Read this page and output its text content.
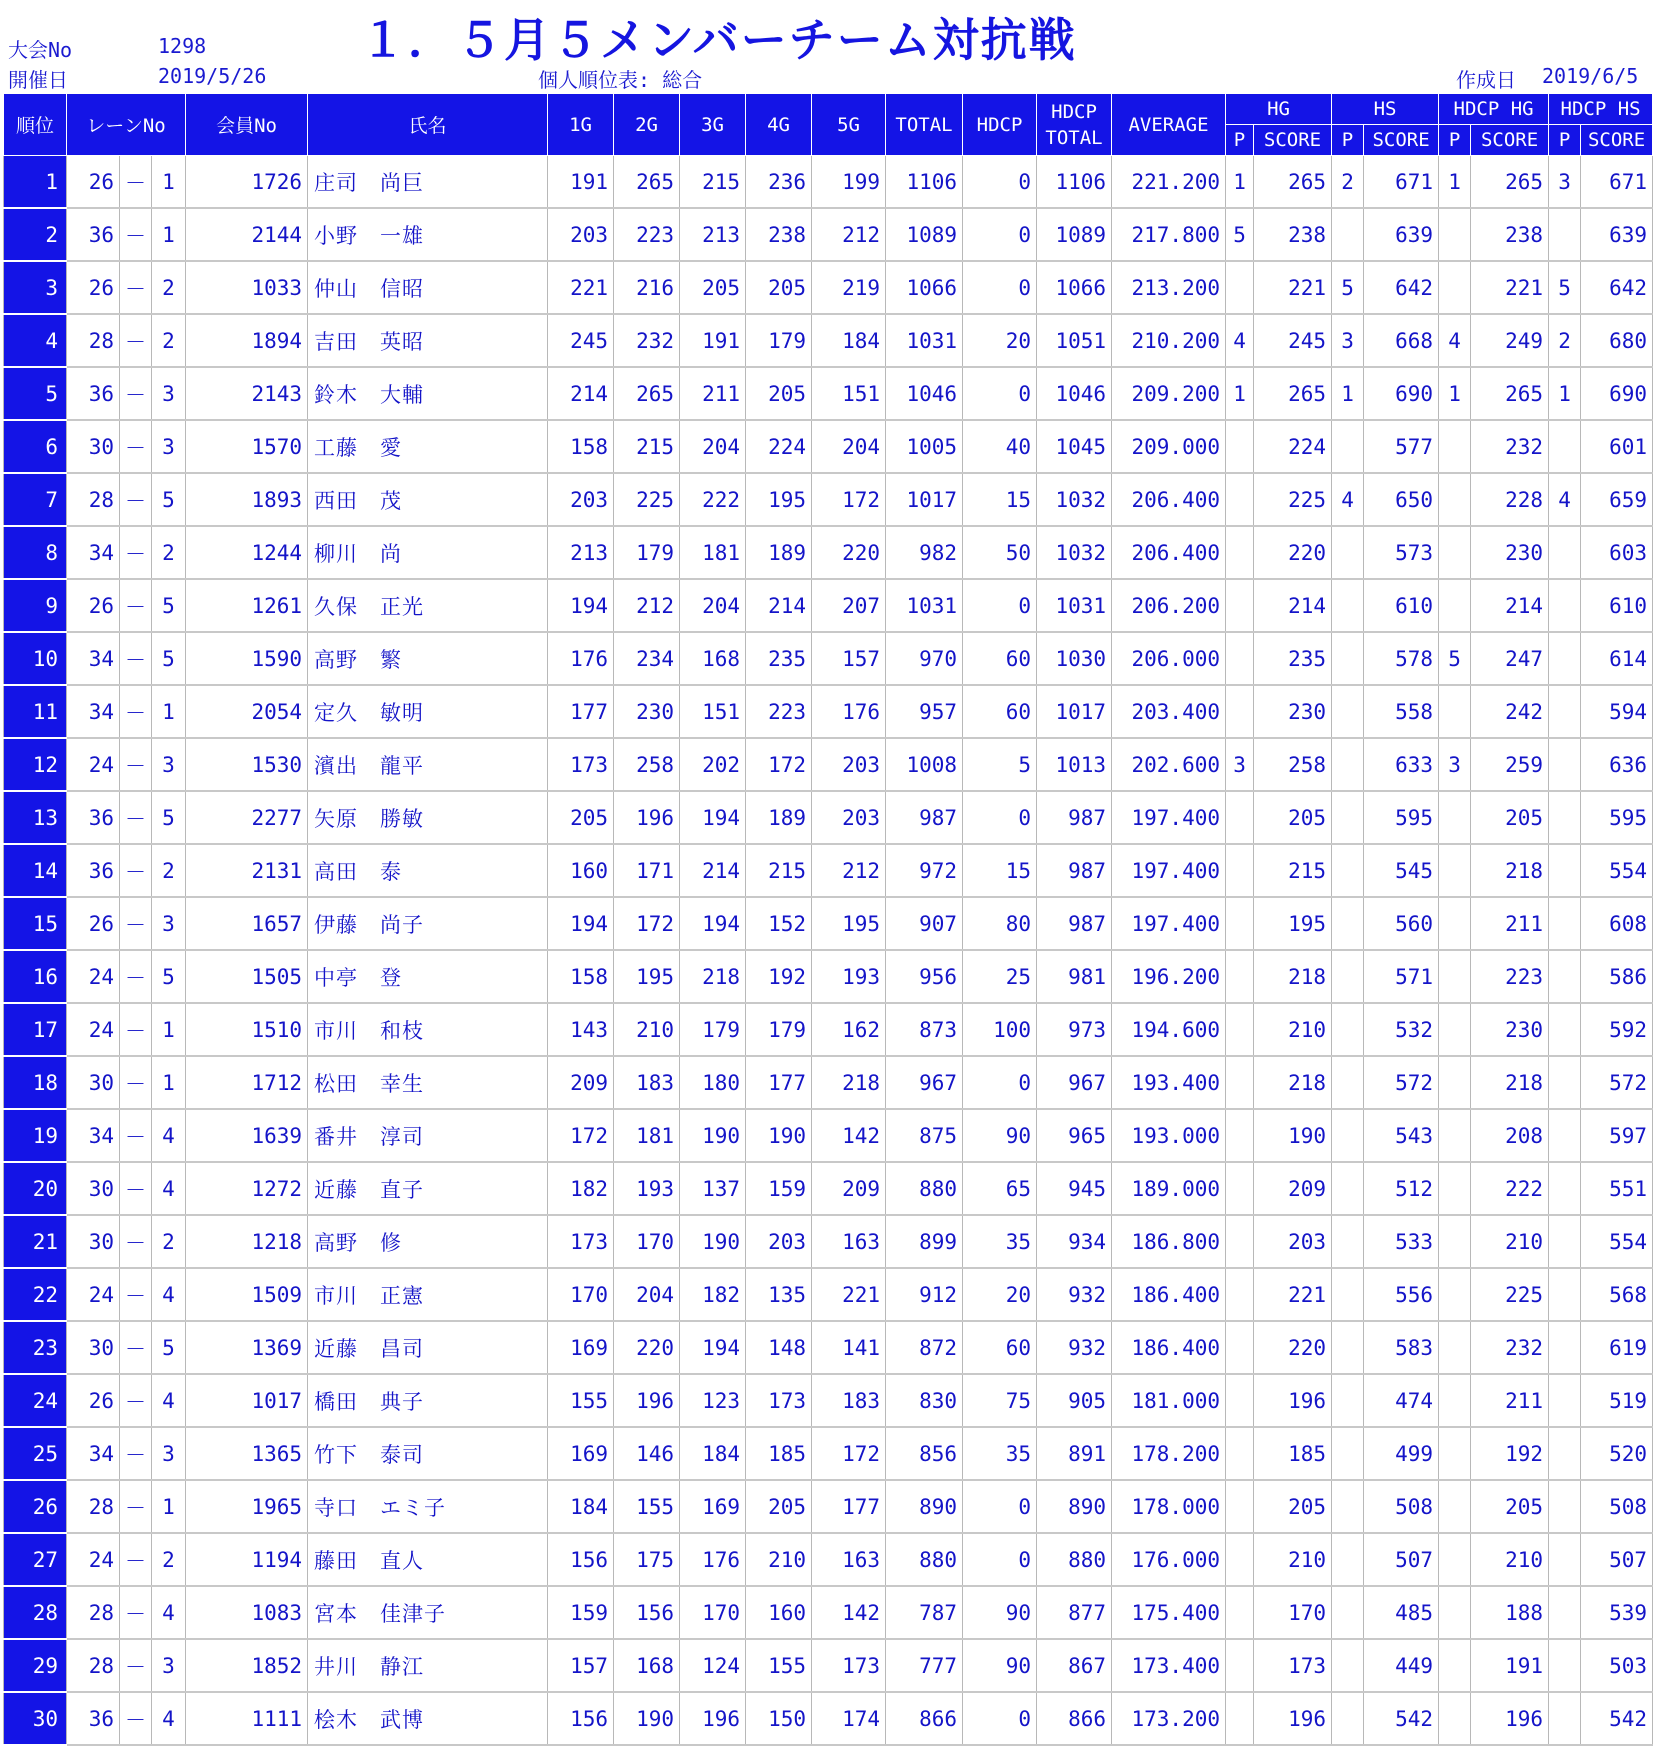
大会No	1298
開催日	2019/5/26
１．５月５メンバーチーム対抗戦
個人順位表: 総合	作成日 2019/6/5
順位	レーンNo			会員No	氏名	1G	2G	3G	4G	5G	TOTAL	HDCP	HDCP
TOTAL	AVERAGE	HG		HS		HDCP HG		HDCP HS	
															P	SCORE	P	SCORE	P	SCORE	P	SCORE
1	26	－	1	1726	庄司　尚巨	191	265	215	236	199	1106	0	1106	221.200	1	265	2	671	1	265	3	671
2	36	－	1	2144	小野　一雄	203	223	213	238	212	1089	0	1089	217.800	5	238		639		238		639
3	26	－	2	1033	仲山　信昭	221	216	205	205	219	1066	0	1066	213.200		221	5	642		221	5	642
4	28	－	2	1894	吉田　英昭	245	232	191	179	184	1031	20	1051	210.200	4	245	3	668	4	249	2	680
5	36	－	3	2143	鈴木　大輔	214	265	211	205	151	1046	0	1046	209.200	1	265	1	690	1	265	1	690
6	30	－	3	1570	工藤　愛	158	215	204	224	204	1005	40	1045	209.000		224		577		232		601
7	28	－	5	1893	西田　茂	203	225	222	195	172	1017	15	1032	206.400		225	4	650		228	4	659
8	34	－	2	1244	柳川　尚	213	179	181	189	220	982	50	1032	206.400		220		573		230		603
9	26	－	5	1261	久保　正光	194	212	204	214	207	1031	0	1031	206.200		214		610		214		610
10	34	－	5	1590	高野　繁	176	234	168	235	157	970	60	1030	206.000		235		578	5	247		614
11	34	－	1	2054	定久　敏明	177	230	151	223	176	957	60	1017	203.400		230		558		242		594
12	24	－	3	1530	濱出　龍平	173	258	202	172	203	1008	5	1013	202.600	3	258		633	3	259		636
13	36	－	5	2277	矢原　勝敏	205	196	194	189	203	987	0	987	197.400		205		595		205		595
14	36	－	2	2131	高田　泰	160	171	214	215	212	972	15	987	197.400		215		545		218		554
15	26	－	3	1657	伊藤　尚子	194	172	194	152	195	907	80	987	197.400		195		560		211		608
16	24	－	5	1505	中亭　登	158	195	218	192	193	956	25	981	196.200		218		571		223		586
17	24	－	1	1510	市川　和枝	143	210	179	179	162	873	100	973	194.600		210		532		230		592
18	30	－	1	1712	松田　幸生	209	183	180	177	218	967	0	967	193.400		218		572		218		572
19	34	－	4	1639	番井　淳司	172	181	190	190	142	875	90	965	193.000		190		543		208		597
20	30	－	4	1272	近藤　直子	182	193	137	159	209	880	65	945	189.000		209		512		222		551
21	30	－	2	1218	高野　修	173	170	190	203	163	899	35	934	186.800		203		533		210		554
22	24	－	4	1509	市川　正憲	170	204	182	135	221	912	20	932	186.400		221		556		225		568
23	30	－	5	1369	近藤　昌司	169	220	194	148	141	872	60	932	186.400		220		583		232		619
24	26	－	4	1017	橋田　典子	155	196	123	173	183	830	75	905	181.000		196		474		211		519
25	34	－	3	1365	竹下　泰司	169	146	184	185	172	856	35	891	178.200		185		499		192		520
26	28	－	1	1965	寺口　エミ子	184	155	169	205	177	890	0	890	178.000		205		508		205		508
27	24	－	2	1194	藤田　直人	156	175	176	210	163	880	0	880	176.000		210		507		210		507
28	28	－	4	1083	宮本　佳津子	159	156	170	160	142	787	90	877	175.400		170		485		188		539
29	28	－	3	1852	井川　静江	157	168	124	155	173	777	90	867	173.400		173		449		191		503
30	36	－	4	1111	桧木　武博	156	190	196	150	174	866	0	866	173.200		196		542		196		542
